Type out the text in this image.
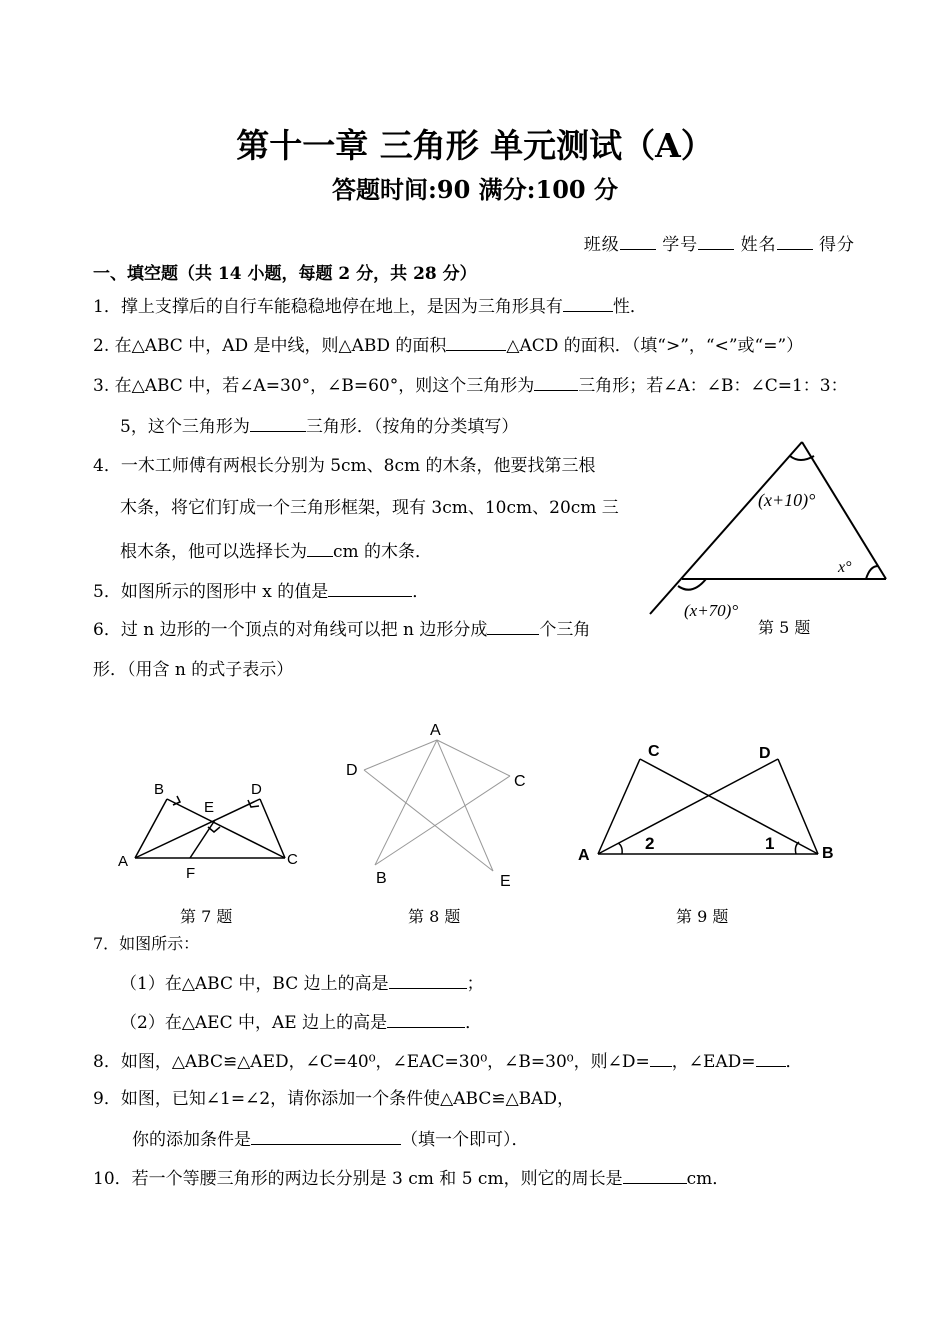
第十一章 三角形 单元测试（A）
答题时间:90 满分:100 分
班级 学号 姓名 得分
一、填空题（共 14 小题，每题 2 分，共 28 分）
1．撑上支撑后的自行车能稳稳地停在地上，是因为三角形具有	性．
2. 在△ABC 中，AD 是中线，则△ABD 的面积	△ACD 的面积．（填“>”，“<”或“=”）
3. 在△ABC 中，若∠A=30°，∠B=60°，则这个三角形为	三角形；若∠A：∠B：∠C=1：3：
5，这个三角形为	三角形．（按角的分类填写）
4．一木工师傅有两根长分别为 5cm、8cm 的木条，他要找第三根
木条，将它们钉成一个三角形框架，现有 3cm、10cm、20cm 三
根木条，他可以选择长为 cm 的木条．
5．如图所示的图形中 x 的值是	．
6．过 n 边形的一个顶点的对角线可以把 n 边形分成	个三角
形．（用含 n 的式子表示）
(x+10)°
x°
(x+70)°
第 5 题
A
B
C
D
E
F
第 7 题
A
B
C
D
E
第 8 题
A	B
C	D
2	1
第 9 题
7．如图所示：
（1）在△ABC 中，BC 边上的高是	；
（2）在△AEC 中，AE 边上的高是	．
8．如图，△ABC≌△AED，∠C=40⁰，∠EAC=30⁰，∠B=30⁰，则∠D= ，∠EAD= ．
9．如图，已知∠1=∠2，请你添加一个条件使△ABC≌△BAD，
你的添加条件是	（填一个即可）．
10．若一个等腰三角形的两边长分别是 3 cm 和 5 cm，则它的周长是	cm．
